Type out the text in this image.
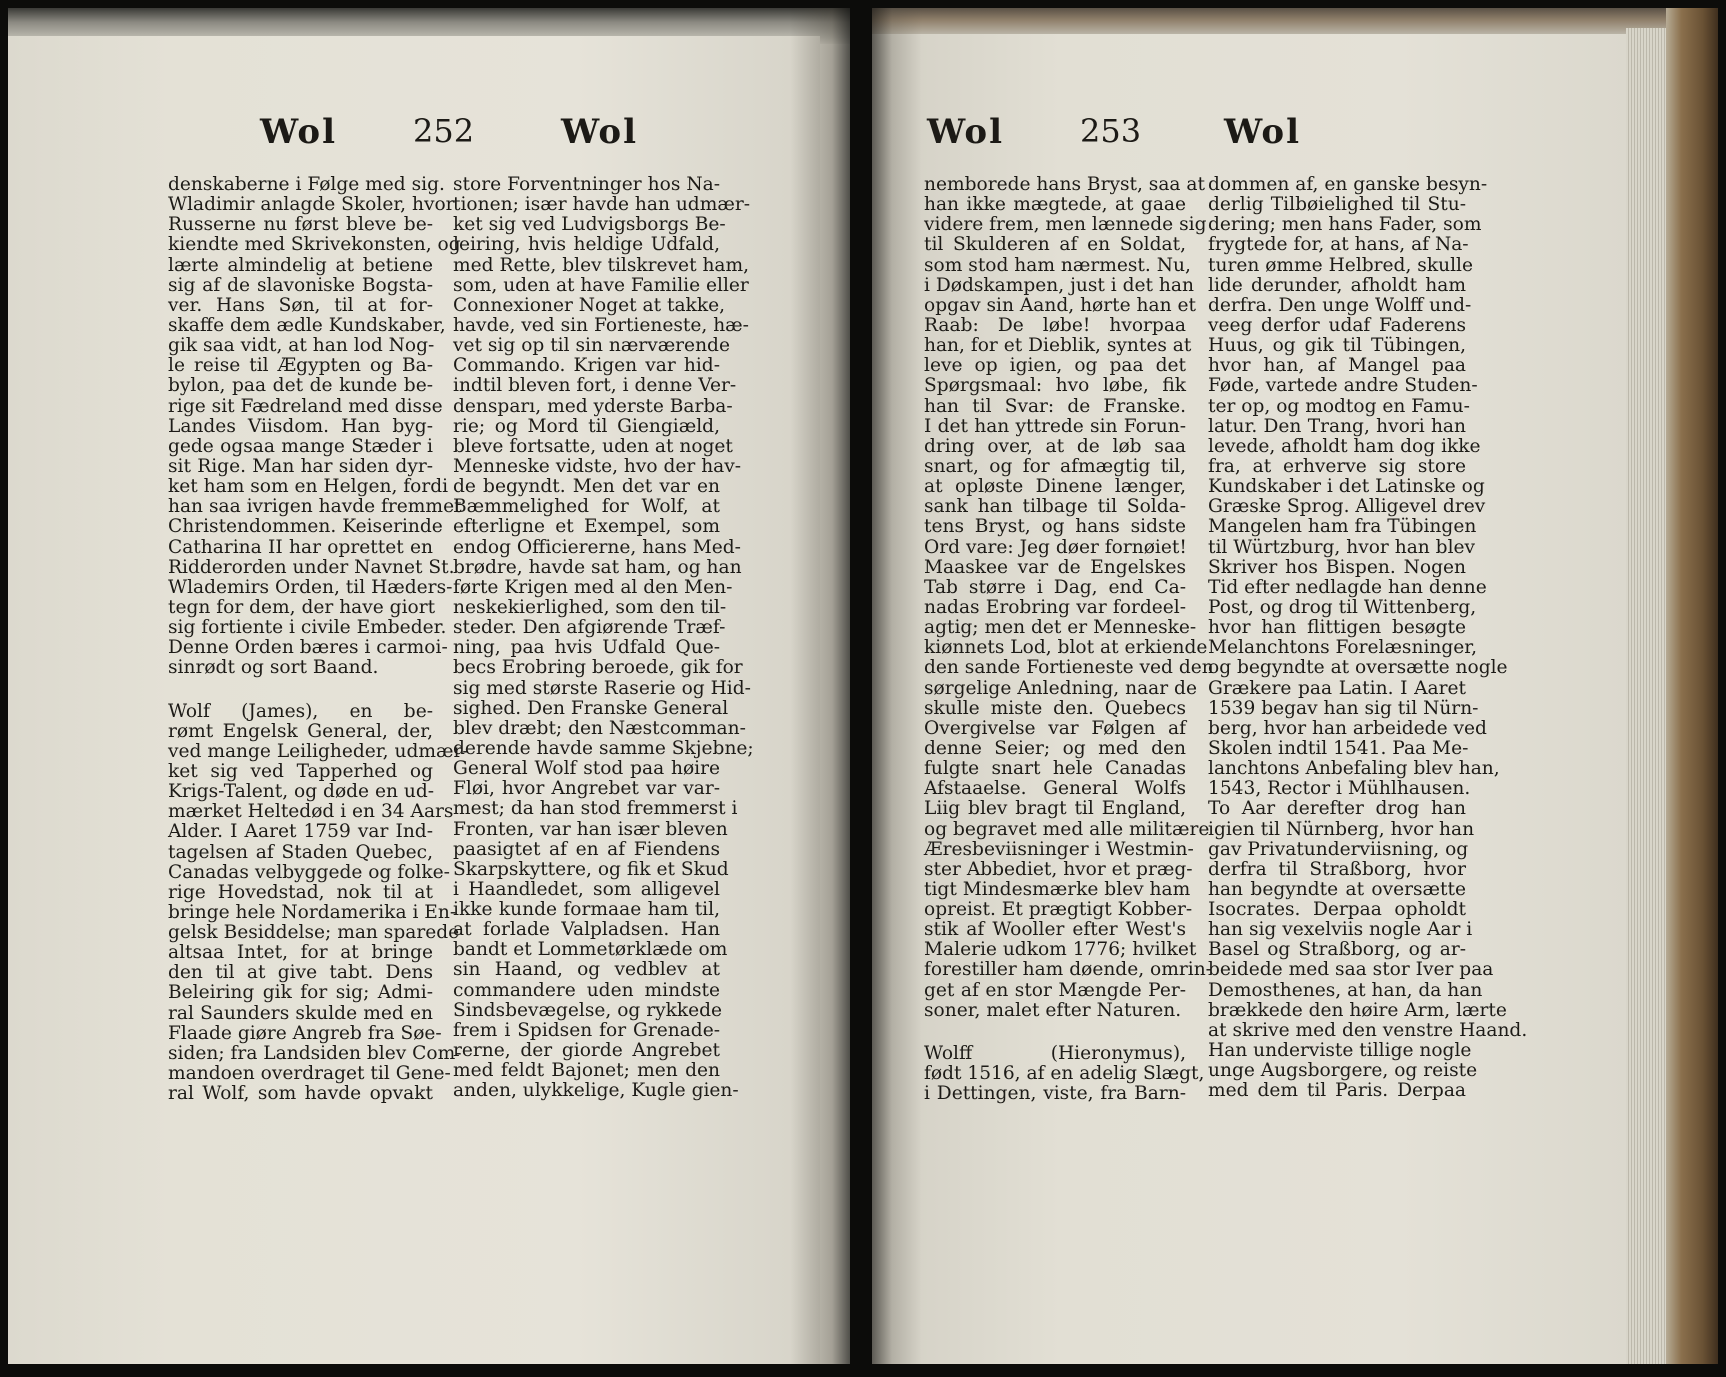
Wol 252	Wol
denskaberne i Følge med sig.
Wladimir anlagde Skoler, hvor
Russerne nu først bleve be-
kiendte med Skrivekonsten, og
lærte almindelig at betiene
sig af de slavoniske Bogsta-
ver. Hans Søn, til at for-
skaffe dem ædle Kundskaber,
gik saa vidt, at han lod Nog-
le reise til Ægypten og Ba-
bylon, paa det de kunde be-
rige sit Fædreland med disse
Landes Viisdom. Han byg-
gede ogsaa mange Stæder i
sit Rige. Man har siden dyr-
ket ham som en Helgen, fordi
han saa ivrigen havde fremmet
Christendommen. Keiserinde
Catharina II har oprettet en
Ridderorden under Navnet St.
Wlademirs Orden, til Hæders-
tegn for dem, der have giort
sig fortiente i civile Embeder.
Denne Orden bæres i carmoi-
sinrødt og sort Baand.
Wolf (James), en be-
rømt Engelsk General, der,
ved mange Leiligheder, udmær-
ket sig ved Tapperhed og
Krigs-Talent, og døde en ud-
mærket Heltedød i en 34 Aars
Alder. I Aaret 1759 var Ind-
tagelsen af Staden Quebec,
Canadas velbyggede og folke-
rige Hovedstad, nok til at
bringe hele Nordamerika i En-
gelsk Besiddelse; man sparede
altsaa Intet, for at bringe
den til at give tabt. Dens
Beleiring gik for sig; Admi-
ral Saunders skulde med en
Flaade giøre Angreb fra Søe-
siden; fra Landsiden blev Com-
mandoen overdraget til Gene-
ral Wolf, som havde opvakt
store Forventninger hos Na-
tionen; især havde han udmær-
ket sig ved Ludvigsborgs Be-
leiring, hvis heldige Udfald,
med Rette, blev tilskrevet ham,
som, uden at have Familie eller
Connexioner Noget at takke,
havde, ved sin Fortieneste, hæ-
vet sig op til sin nærværende
Commando. Krigen var hid-
indtil bleven fort, i denne Ver-
densparı, med yderste Barba-
rie; og Mord til Giengiæld,
bleve fortsatte, uden at noget
Menneske vidste, hvo der hav-
de begyndt. Men det var en
Bæmmelighed for Wolf, at
efterligne et Exempel, som
endog Officiererne, hans Med-
brødre, havde sat ham, og han
førte Krigen med al den Men-
neskekierlighed, som den til-
steder. Den afgiørende Træf-
ning, paa hvis Udfald Que-
becs Erobring beroede, gik for
sig med største Raserie og Hid-
sighed. Den Franske General
blev dræbt; den Næstcomman-
derende havde samme Skjebne;
General Wolf stod paa høire
Fløi, hvor Angrebet var var-
mest; da han stod fremmerst i
Fronten, var han især bleven
paasigtet af en af Fiendens
Skarpskyttere, og fik et Skud
i Haandledet, som alligevel
ikke kunde formaae ham til,
at forlade Valpladsen. Han
bandt et Lommetørklæde om
sin Haand, og vedblev at
commandere uden mindste
Sindsbevægelse, og rykkede
frem i Spidsen for Grenade-
rerne, der giorde Angrebet
med feldt Bajonet; men den
anden, ulykkelige, Kugle gien-
Wol 253 Wol
nemborede hans Bryst, saa at
han ikke mægtede, at gaae
videre frem, men lænnede sig
til Skulderen af en Soldat,
som stod ham nærmest. Nu,
i Dødskampen, just i det han
opgav sin Aand, hørte han et
Raab: De løbe! hvorpaa
han, for et Dieblik, syntes at
leve op igien, og paa det
Spørgsmaal: hvo løbe, fik
han til Svar: de Franske.
I det han yttrede sin Forun-
dring over, at de løb saa
snart, og for afmægtig til,
at opløste Dinene længer,
sank han tilbage til Solda-
tens Bryst, og hans sidste
Ord vare: Jeg døer fornøiet!
Maaskee var de Engelskes
Tab større i Dag, end Ca-
nadas Erobring var fordeel-
agtig; men det er Menneske-
kiønnets Lod, blot at erkiende
den sande Fortieneste ved den
sørgelige Anledning, naar de
skulle miste den. Quebecs
Overgivelse var Følgen af
denne Seier; og med den
fulgte snart hele Canadas
Afstaaelse. General Wolfs
Liig blev bragt til England,
og begravet med alle militære
Æresbeviisninger i Westmin-
ster Abbediet, hvor et præg-
tigt Mindesmærke blev ham
opreist. Et prægtigt Kobber-
stik af Wooller efter West's
Malerie udkom 1776; hvilket
forestiller ham døende, omrin-
get af en stor Mængde Per-
soner, malet efter Naturen.
Wolff (Hieronymus),
født 1516, af en adelig Slægt,
i Dettingen, viste, fra Barn-
dommen af, en ganske besyn-
derlig Tilbøielighed til Stu-
dering; men hans Fader, som
frygtede for, at hans, af Na-
turen ømme Helbred, skulle
lide derunder, afholdt ham
derfra. Den unge Wolff und-
veeg derfor udaf Faderens
Huus, og gik til Tübingen,
hvor han, af Mangel paa
Føde, vartede andre Studen-
ter op, og modtog en Famu-
latur. Den Trang, hvori han
levede, afholdt ham dog ikke
fra, at erhverve sig store
Kundskaber i det Latinske og
Græske Sprog. Alligevel drev
Mangelen ham fra Tübingen
til Würtzburg, hvor han blev
Skriver hos Bispen. Nogen
Tid efter nedlagde han denne
Post, og drog til Wittenberg,
hvor han flittigen besøgte
Melanchtons Forelæsninger,
og begyndte at oversætte nogle
Grækere paa Latin. I Aaret
1539 begav han sig til Nürn-
berg, hvor han arbeidede ved
Skolen indtil 1541. Paa Me-
lanchtons Anbefaling blev han,
1543, Rector i Mühlhausen.
To Aar derefter drog han
igien til Nürnberg, hvor han
gav Privatunderviisning, og
derfra til Straßborg, hvor
han begyndte at oversætte
Isocrates. Derpaa opholdt
han sig vexelviis nogle Aar i
Basel og Straßborg, og ar-
beidede med saa stor Iver paa
Demosthenes, at han, da han
brækkede den høire Arm, lærte
at skrive med den venstre Haand.
Han underviste tillige nogle
unge Augsborgere, og reiste
med dem til Paris. Derpaa
